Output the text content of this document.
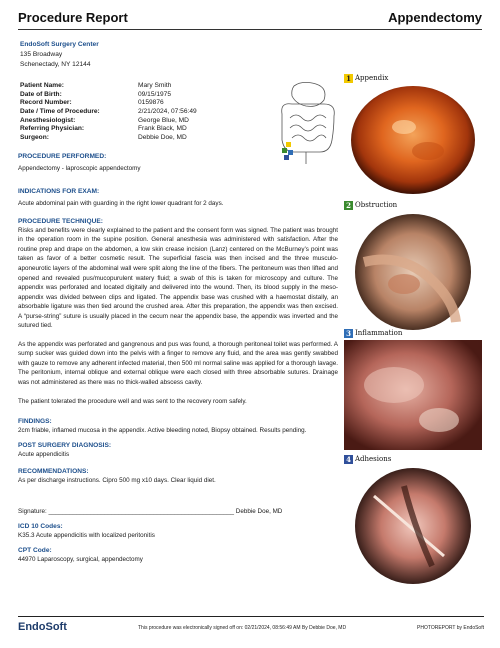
Procedure Report	Appendectomy
EndoSoft Surgery Center
135 Broadway
Schenectady, NY 12144
Patient Name:	Mary Smith
Date of Birth:	09/15/1975
Record Number:	0159876
Date / Time of Procedure:	2/21/2024, 07:56:49
Anesthesiologist:	George Blue, MD
Referring Physician:	Frank Black, MD
Surgeon:	Debbie Doe, MD
PROCEDURE PERFORMED:
Appendectomy - laproscopic appendectomy
INDICATIONS FOR EXAM:
Acute abdominal pain with guarding in the right lower quadrant for 2 days.
PROCEDURE TECHNIQUE:
Risks and benefits were clearly explained to the patient and the consent form was signed. The patient was brought in the operation room in the supine position. General anesthesia was administered with satisfaction. After the routine prep and drape on the abdomen, a low skin crease incision (Lanz) centered on the McBurney’s point was taken as favor of a better cosmetic result. The superficial fascia was then incised and the three musculo-aponeurotic layers of the abdominal wall were split along the line of the fibers. The peritoneum was then lifted and opened and revealed pus/mucopurulent watery fluid; a swab of this is taken for microscopy and culture. The appendix was perforated and located digitally and delivered into the wound. Then, its blood supply in the meso-appendix was divided between clips and ligated. The appendix base was crushed with a haemostat distally, an absorbable ligature was then tied around the crushed area. After this preparation, the appendix was then excised. A “purse-string” suture is usually placed in the cecum near the appendix base, the appendix was inverted and the sutured tied.
As the appendix was perforated and gangrenous and pus was found, a thorough peritoneal toilet was performed. A sump sucker was guided down into the pelvis with a finger to remove any fluid, and the area was gently swabbed with gauze to remove any adherent infected material, then 500 ml normal saline was applied for a thorough lavage. The peritonium, internal oblique and external oblique were each closed with three absorbable sutures. Drainage was not administered as there was no thick-walled abscess cavity.
The patient tolerated the procedure well and was sent to the recovery room safely.
FINDINGS:
2cm friable, inflamed mucosa in the appendix. Active bleeding noted, Biopsy obtained. Results pending.
POST SURGERY DIAGNOSIS:
Acute appendicitis
RECOMMENDATIONS:
As per discharge instructions. Cipro 500 mg x10 days. Clear liquid diet.
Signature: _____________________________________________________ Debbie Doe, MD
ICD 10 Codes:
K35.3 Acute appendicitis with localized peritonitis
CPT Code:
44970 Laparoscopy, surgical, appendectomy
1 Appendix
2 Obstruction
3 Inflammation
4 Adhesions
EndoSoft	This procedure was electronically signed off on: 02/21/2024, 08:56:49 AM By Debbie Doe, MD	PHOTOREPORT by EndoSoft
